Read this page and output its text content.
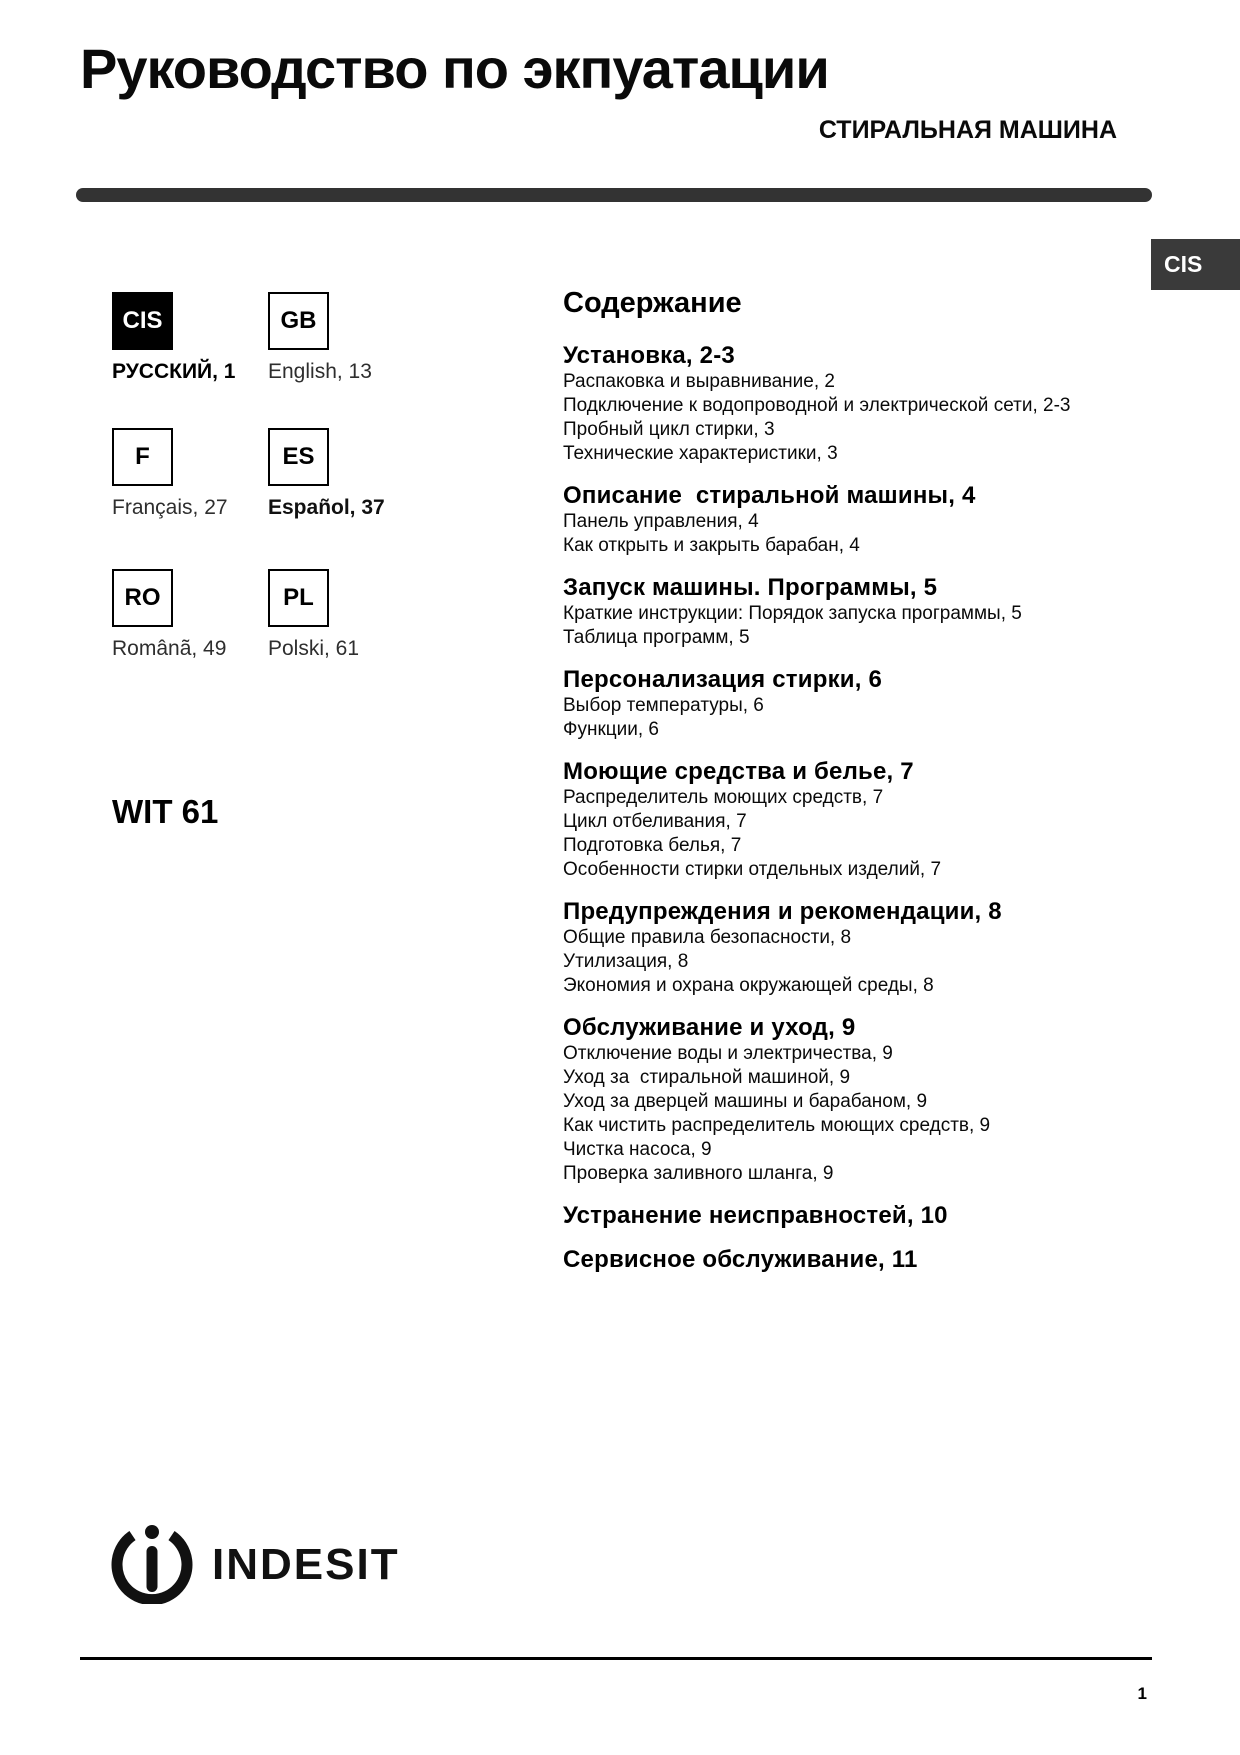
Руководство по экпуатации
СТИРАЛЬНАЯ МАШИНА
CIS
CIS
РУССКИЙ, 1
GB
English, 13
F
Français, 27
ES
Español, 37
RO
Românã, 49
PL
Polski, 61
WIT 61
Содержание
Установка, 2-3
Распаковка и выравнивание, 2
Подключение к водопроводной и электрической сети, 2-3
Пробный цикл стирки, 3
Технические характеристики, 3
Описание  стиральной машины, 4
Панель управления, 4
Как открыть и закрыть барабан, 4
Запуск машины. Программы, 5
Краткие инструкции: Порядок запуска программы, 5
Таблица программ, 5
Персонализация стирки, 6
Выбор температуры, 6
Функции, 6
Моющие средства и белье, 7
Распределитель моющих средств, 7
Цикл отбеливания, 7
Подготовка белья, 7
Особенности стирки отдельных изделий, 7
Предупреждения и рекомендации, 8
Общие правила безопасности, 8
Утилизация, 8
Экономия и охрана окружающей среды, 8
Обслуживание и уход, 9
Отключение воды и электричества, 9
Уход за  стиральной машиной, 9
Уход за дверцей машины и барабаном, 9
Как чистить распределитель моющих средств, 9
Чистка насоса, 9
Проверка заливного шланга, 9
Устранение неисправностей, 10
Сервисное обслуживание, 11
INDESIT
1
